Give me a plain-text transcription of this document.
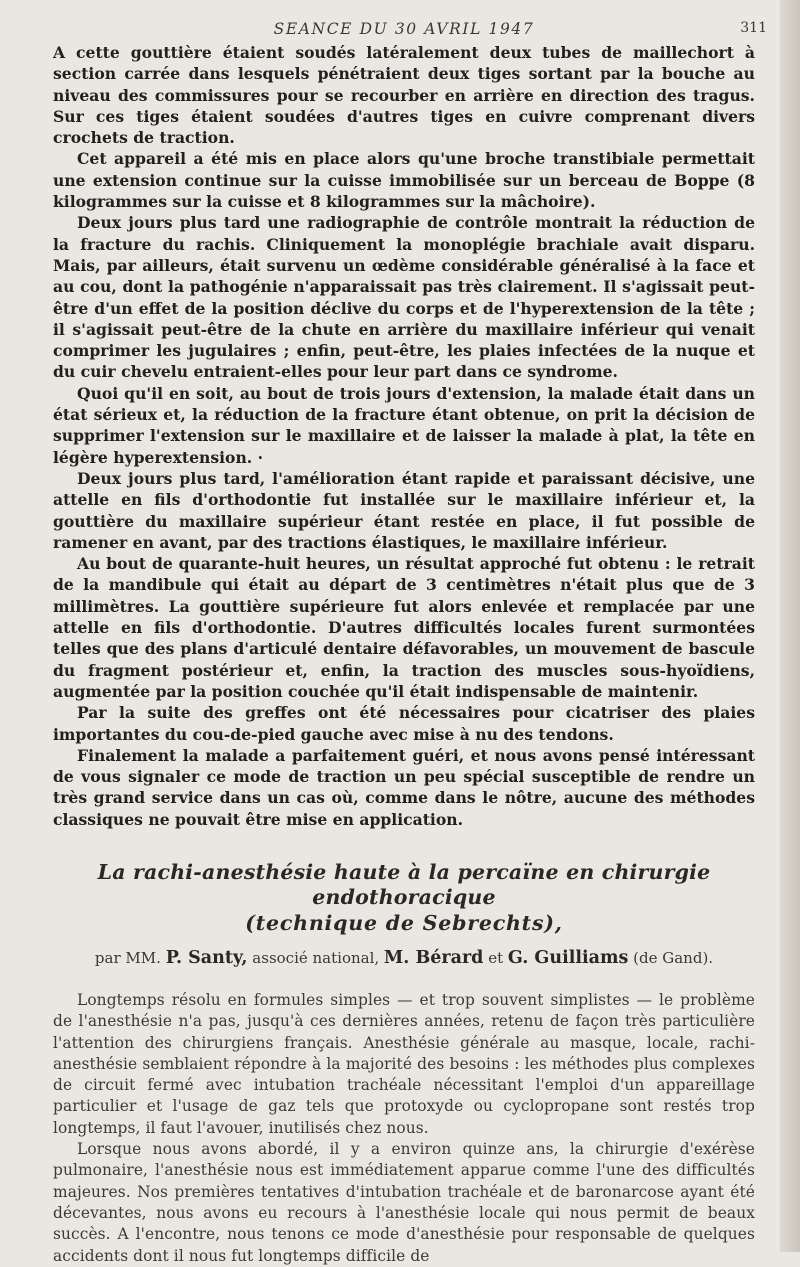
SEANCE DU 30 AVRIL 1947	311

A cette gouttière étaient soudés latéralement deux tubes de maillechort à section carrée dans lesquels pénétraient deux tiges sortant par la bouche au niveau des commissures pour se recourber en arrière en direction des tragus. Sur ces tiges étaient soudées d'autres tiges en cuivre comprenant divers crochets de traction.

Cet appareil a été mis en place alors qu'une broche transtibiale permettait une extension continue sur la cuisse immobilisée sur un berceau de Boppe (8 kilogrammes sur la cuisse et 8 kilogrammes sur la mâchoire).

Deux jours plus tard une radiographie de contrôle montrait la réduction de la fracture du rachis. Cliniquement la monoplégie brachiale avait disparu. Mais, par ailleurs, était survenu un œdème considérable généralisé à la face et au cou, dont la pathogénie n'apparaissait pas très clairement. Il s'agissait peut-être d'un effet de la position déclive du corps et de l'hyperextension de la tête ; il s'agissait peut-être de la chute en arrière du maxillaire inférieur qui venait comprimer les jugulaires ; enfin, peut-être, les plaies infectées de la nuque et du cuir chevelu entraient-elles pour leur part dans ce syndrome.

Quoi qu'il en soit, au bout de trois jours d'extension, la malade était dans un état sérieux et, la réduction de la fracture étant obtenue, on prit la décision de supprimer l'extension sur le maxillaire et de laisser la malade à plat, la tête en légère hyperextension. ·

Deux jours plus tard, l'amélioration étant rapide et paraissant décisive, une attelle en fils d'orthodontie fut installée sur le maxillaire inférieur et, la gouttière du maxillaire supérieur étant restée en place, il fut possible de ramener en avant, par des tractions élastiques, le maxillaire inférieur.

Au bout de quarante-huit heures, un résultat approché fut obtenu : le retrait de la mandibule qui était au départ de 3 centimètres n'était plus que de 3 millimètres. La gouttière supérieure fut alors enlevée et remplacée par une attelle en fils d'orthodontie. D'autres difficultés locales furent surmontées telles que des plans d'articulé dentaire défavorables, un mouvement de bascule du fragment postérieur et, enfin, la traction des muscles sous-hyoïdiens, augmentée par la position couchée qu'il était indispensable de maintenir.

Par la suite des greffes ont été nécessaires pour cicatriser des plaies importantes du cou-de-pied gauche avec mise à nu des tendons.

Finalement la malade a parfaitement guéri, et nous avons pensé intéressant de vous signaler ce mode de traction un peu spécial susceptible de rendre un très grand service dans un cas où, comme dans le nôtre, aucune des méthodes classiques ne pouvait être mise en application.

La rachi-anesthésie haute à la percaïne en chirurgie endothoracique
(technique de Sebrechts),
par MM. P. Santy, associé national, M. Bérard et G. Guilliams (de Gand).

Longtemps résolu en formules simples — et trop souvent simplistes — le problème de l'anesthésie n'a pas, jusqu'à ces dernières années, retenu de façon très particulière l'attention des chirurgiens français. Anesthésie générale au masque, locale, rachi-anesthésie semblaient répondre à la majorité des besoins : les méthodes plus complexes de circuit fermé avec intubation trachéale nécessitant l'emploi d'un appareillage particulier et l'usage de gaz tels que protoxyde ou cyclopropane sont restés trop longtemps, il faut l'avouer, inutilisés chez nous.

Lorsque nous avons abordé, il y a environ quinze ans, la chirurgie d'exérèse pulmonaire, l'anesthésie nous est immédiatement apparue comme l'une des difficultés majeures. Nos premières tentatives d'intubation trachéale et de baronarcose ayant été décevantes, nous avons eu recours à l'anesthésie locale qui nous permit de beaux succès. A l'encontre, nous tenons ce mode d'anesthésie pour responsable de quelques accidents dont il nous fut longtemps difficile de
